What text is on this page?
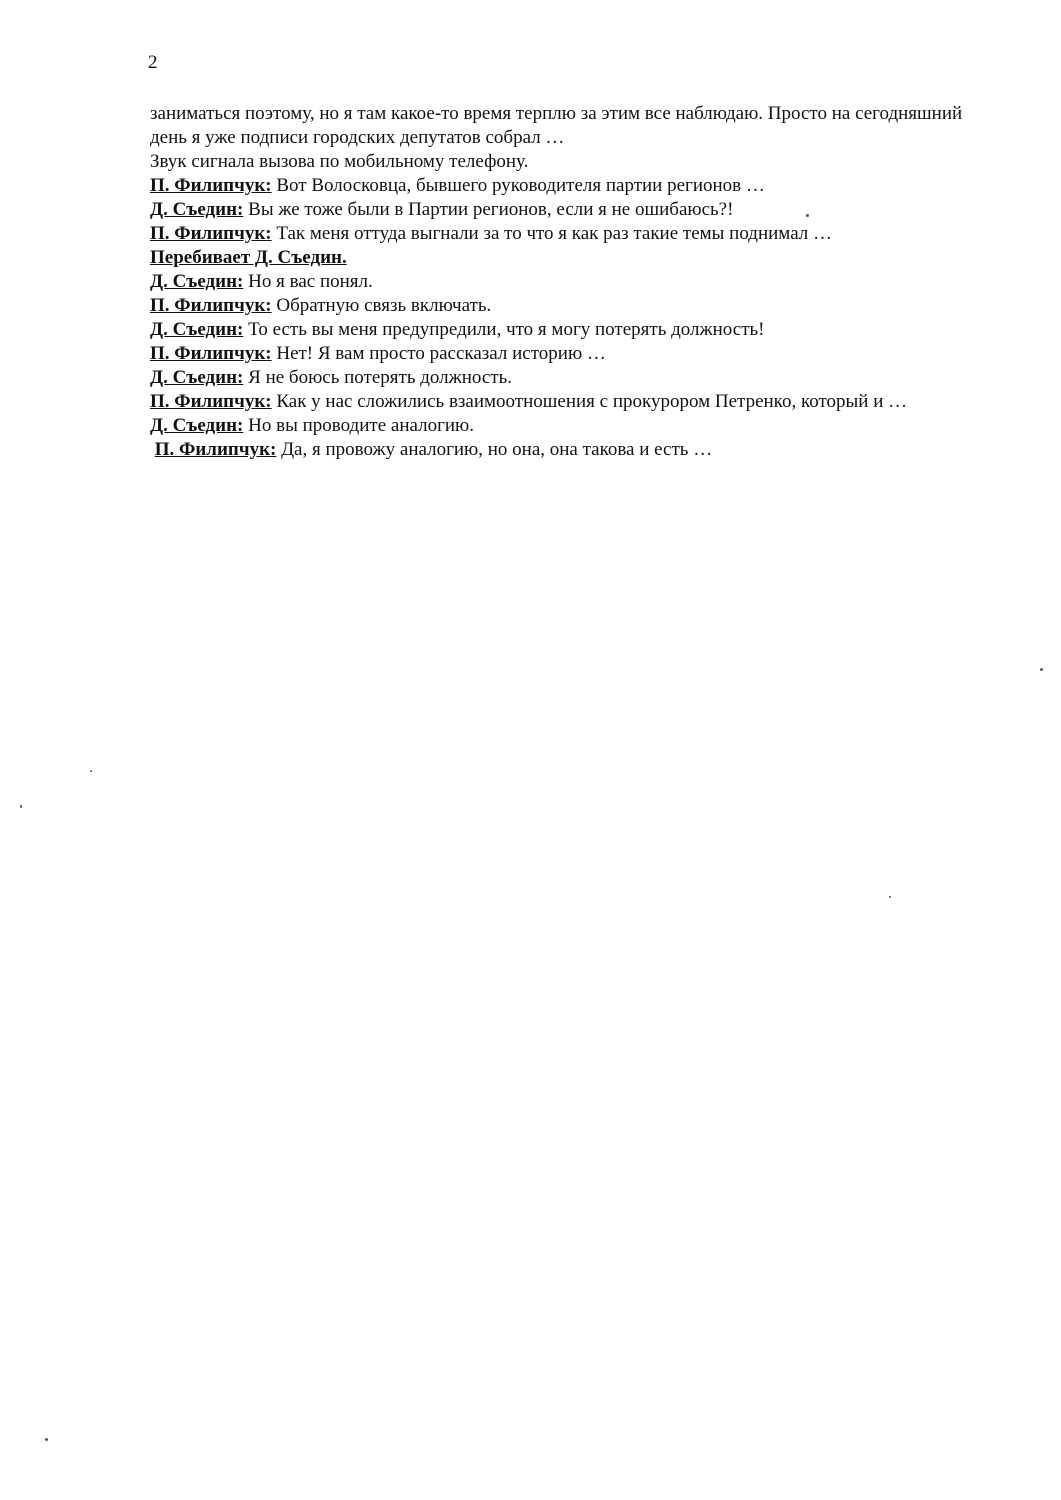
2

заниматься поэтому, но я там какое-то время терплю за этим все наблюдаю. Просто на сегодняшний день я уже подписи городских депутатов собрал …

Звук сигнала вызова по мобильному телефону.

П. Филипчук: Вот Волосковца, бывшего руководителя партии регионов …

Д. Съедин: Вы же тоже были в Партии регионов, если я не ошибаюсь?!

П. Филипчук: Так меня оттуда выгнали за то что я как раз такие темы поднимал …

Перебивает Д. Съедин.

Д. Съедин: Но я вас понял.

П. Филипчук: Обратную связь включать.

Д. Съедин: То есть вы меня предупредили, что я могу потерять должность!

П. Филипчук: Нет! Я вам просто рассказал историю …

Д. Съедин: Я не боюсь потерять должность.

П. Филипчук: Как у нас сложились взаимоотношения с прокурором Петренко, который и …

Д. Съедин: Но вы проводите аналогию.

П. Филипчук: Да, я провожу аналогию, но она, она такова и есть …
